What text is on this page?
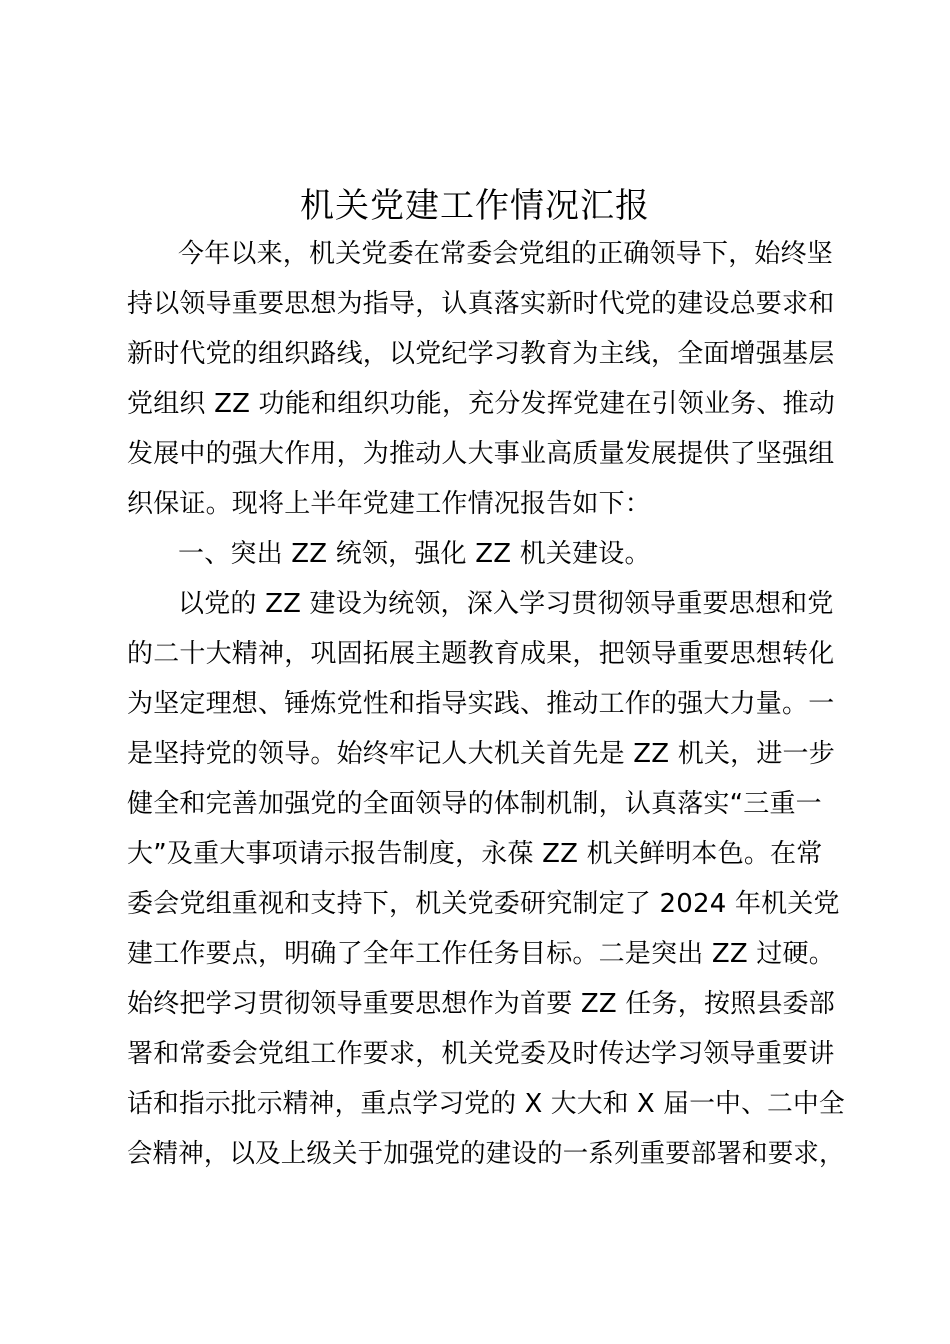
机关党建工作情况汇报
今年以来，机关党委在常委会党组的正确领导下，始终坚
持以领导重要思想为指导，认真落实新时代党的建设总要求和
新时代党的组织路线，以党纪学习教育为主线，全面增强基层
党组织 ZZ 功能和组织功能，充分发挥党建在引领业务、推动
发展中的强大作用，为推动人大事业高质量发展提供了坚强组
织保证。现将上半年党建工作情况报告如下：
一、突出 ZZ 统领，强化 ZZ 机关建设。
以党的 ZZ 建设为统领，深入学习贯彻领导重要思想和党
的二十大精神，巩固拓展主题教育成果，把领导重要思想转化
为坚定理想、锤炼党性和指导实践、推动工作的强大力量。一
是坚持党的领导。始终牢记人大机关首先是 ZZ 机关，进一步
健全和完善加强党的全面领导的体制机制，认真落实“三重一
大”及重大事项请示报告制度，永葆 ZZ 机关鲜明本色。在常
委会党组重视和支持下，机关党委研究制定了 2024 年机关党
建工作要点，明确了全年工作任务目标。二是突出 ZZ 过硬。
始终把学习贯彻领导重要思想作为首要 ZZ 任务，按照县委部
署和常委会党组工作要求，机关党委及时传达学习领导重要讲
话和指示批示精神，重点学习党的 X 大大和 X 届一中、二中全
会精神，以及上级关于加强党的建设的一系列重要部署和要求，
